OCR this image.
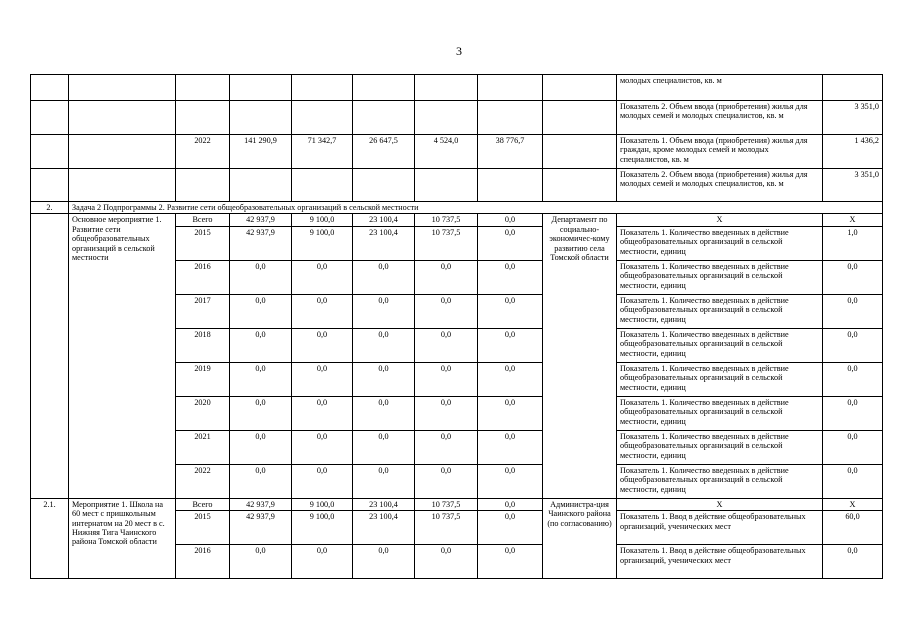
3
									молодых специалистов, кв. м	
									Показатель 2. Объем ввода (приобретения) жилья для молодых семей и молодых специалистов, кв. м	3 351,0
		2022	141 290,9	71 342,7	26 647,5	4 524,0	38 776,7		Показатель 1. Объем ввода (приобретения) жилья для граждан, кроме молодых семей и молодых специалистов, кв. м	1 436,2
									Показатель 2. Объем ввода (приобретения) жилья для молодых семей и молодых специалистов, кв. м	3 351,0
2.	Задача 2 Подпрограммы 2. Развитие сети общеобразовательных организаций в сельской местности									
	Основное мероприятие 1. Развитие сети общеобразовательных организаций в сельской местности	Всего	42 937,9	9 100,0	23 100,4	10 737,5	0,0	Департамент по социально-экономичес-кому развитию села Томской области	Х	Х
		2015	42 937,9	9 100,0	23 100,4	10 737,5	0,0		Показатель 1. Количество введенных в действие общеобразовательных организаций в сельской местности, единиц	1,0
		2016	0,0	0,0	0,0	0,0	0,0		Показатель 1. Количество введенных в действие общеобразовательных организаций в сельской местности, единиц	0,0
		2017	0,0	0,0	0,0	0,0	0,0		Показатель 1. Количество введенных в действие общеобразовательных организаций в сельской местности, единиц	0,0
		2018	0,0	0,0	0,0	0,0	0,0		Показатель 1. Количество введенных в действие общеобразовательных организаций в сельской местности, единиц	0,0
		2019	0,0	0,0	0,0	0,0	0,0		Показатель 1. Количество введенных в действие общеобразовательных организаций в сельской местности, единиц	0,0
		2020	0,0	0,0	0,0	0,0	0,0		Показатель 1. Количество введенных в действие общеобразовательных организаций в сельской местности, единиц	0,0
		2021	0,0	0,0	0,0	0,0	0,0		Показатель 1. Количество введенных в действие общеобразовательных организаций в сельской местности, единиц	0,0
		2022	0,0	0,0	0,0	0,0	0,0		Показатель 1. Количество введенных в действие общеобразовательных организаций в сельской местности, единиц	0,0
2.1.	Мероприятие 1. Школа на 60 мест с пришкольным интернатом на 20 мест в с. Нижняя Тига Чаинского района Томской области	Всего	42 937,9	9 100,0	23 100,4	10 737,5	0,0	Администра-ция Чаинского района (по согласованию)	Х	Х
		2015	42 937,9	9 100,0	23 100,4	10 737,5	0,0		Показатель 1. Ввод в действие общеобразовательных организаций, ученических мест	60,0
		2016	0,0	0,0	0,0	0,0	0,0		Показатель 1. Ввод в действие общеобразовательных организаций, ученических мест	0,0
